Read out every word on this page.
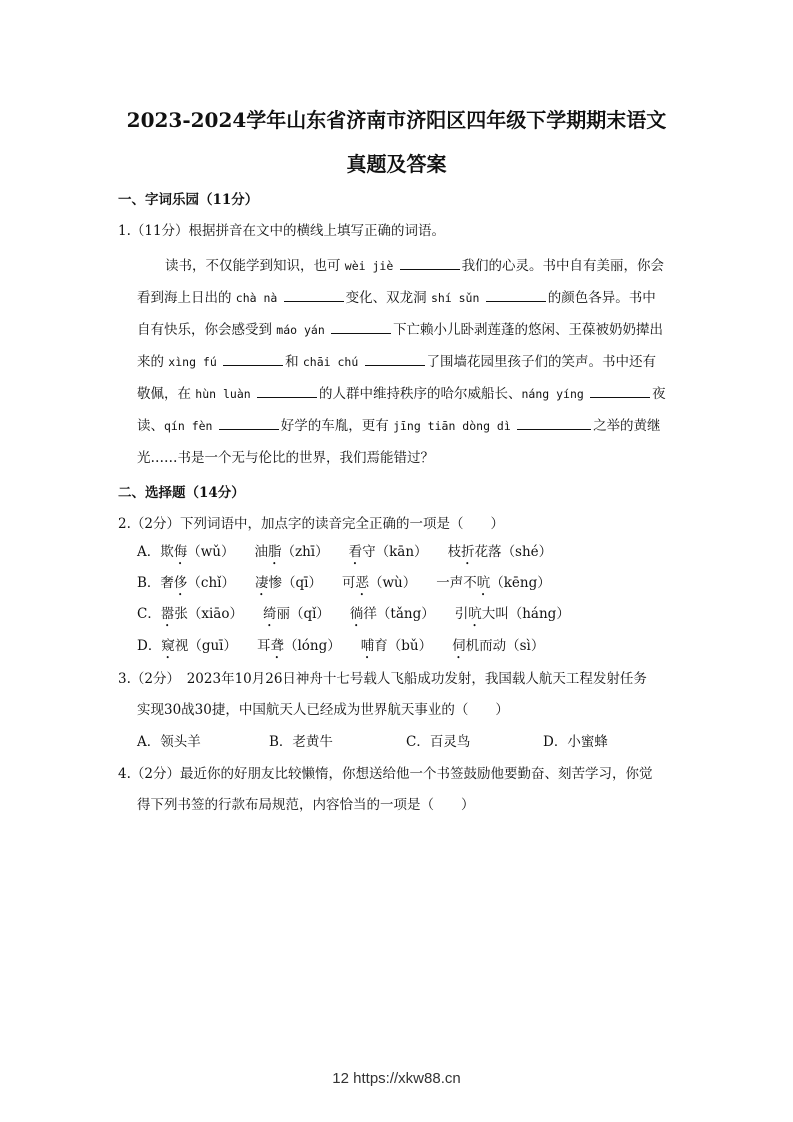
2023-2024学年山东省济南市济阳区四年级下学期期末语文
真题及答案
一、字词乐园（11分）
1.（11分）根据拼音在文中的横线上填写正确的词语。
读书，不仅能学到知识，也可 wèi jiè	我们的心灵。书中自有美丽，你会
看到海上日出的 chà nà	变化、双龙洞 shí sǔn	的颜色各异。书中
自有快乐，你会感受到 máo yán	下亡赖小儿卧剥莲蓬的悠闲、王葆被奶奶撵出
来的 xìng fú	和 chāi chú	了围墙花园里孩子们的笑声。书中还有
敬佩，在 hùn luàn	的人群中维持秩序的哈尔威船长、náng yíng	夜
读、qín fèn	好学的车胤，更有 jīng tiān dòng dì	之举的黄继
光……书是一个无与伦比的世界，我们焉能错过？
二、选择题（14分）
2.（2分）下列词语中，加点字的读音完全正确的一项是（　　）
A．欺侮（wǔ） 油脂（zhī） 看守（kān） 枝折花落（shé）
B．奢侈（chǐ） 凄惨（qī） 可恶（wù） 一声不吭（kēng）
C．嚣张（xiāo） 绮丽（qǐ） 徜徉（tǎng） 引吭大叫（háng）
D．窥视（guī） 耳聋（lóng） 哺育（bǔ） 伺机而动（sì）
3.（2分）　2023年10月26日神舟十七号载人飞船成功发射，我国载人航天工程发射任务
实现30战30捷，中国航天人已经成为世界航天事业的（　　）
A．领头羊	B．老黄牛	C．百灵鸟	D．小蜜蜂
4.（2分）最近你的好朋友比较懒惰，你想送给他一个书签鼓励他要勤奋、刻苦学习，你觉
得下列书签的行款布局规范，内容恰当的一项是（　　）
12 https://xkw88.cn
